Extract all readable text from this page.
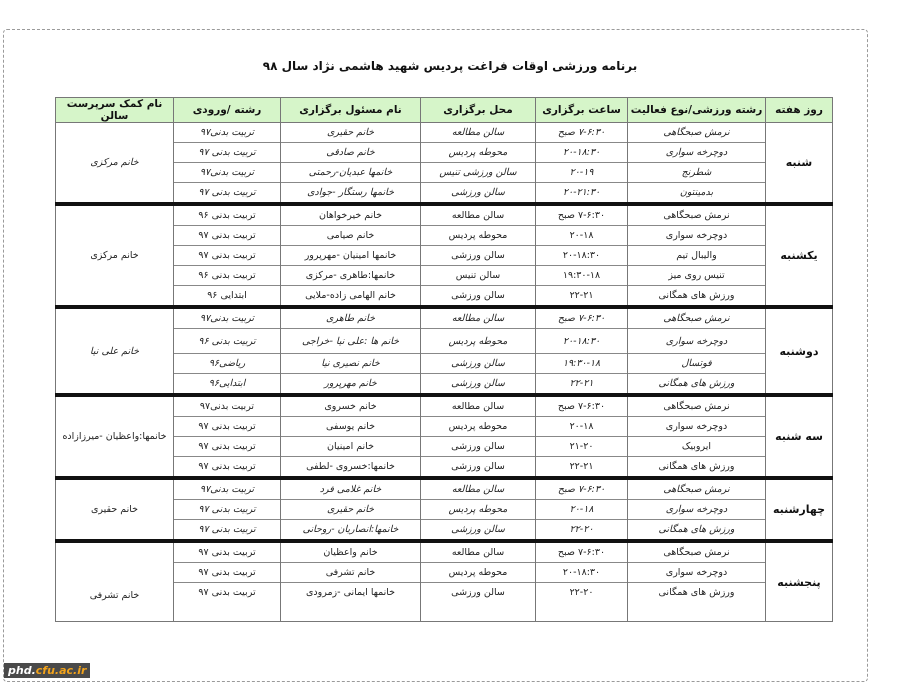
برنامه ورزشی اوقات فراغت پردیس شهید هاشمی نژاد سال ۹۸
روز هفته	رشته ورزشی/نوع فعالیت	ساعت برگزاری	محل برگزاری	نام مسئول برگزاری	رشته /ورودی	نام کمک سرپرست سالن
شنبه	نرمش صبحگاهی	۷-۶:۳۰ صبح	سالن مطالعه	خانم حقیری	تربیت بدنی۹۷	خانم مرکزی
	دوچرخه سواری	۲۰-۱۸:۳۰	محوطه پردیس	خانم صادقی	تربیت بدنی ۹۷	
	شطرنج	۲۰-۱۹	سالن ورزشی تنیس	خانمها عبدیان-رحمتی	تربیت بدنی۹۷	
	بدمینتون	۲۰-۲۱:۳۰	سالن ورزشی	خانمها رستگار -جوادی	تربیت بدنی ۹۷	
یکشنبه	نرمش صبحگاهی	۷-۶:۳۰ صبح	سالن مطالعه	خانم خیرخواهان	تربیت بدنی ۹۶	خانم مرکزی
	دوچرخه سواری	۲۰-۱۸	محوطه پردیس	خانم صیامی	تربیت بدنی ۹۷	
	والیبال تیم	۲۰-۱۸:۳۰	سالن ورزشی	خانمها امینیان -مهرپرور	تربیت بدنی ۹۷	
	تنیس روی میز	۱۹:۳۰-۱۸	سالن تنیس	خانمها:طاهری -مرکزی	تربیت بدنی ۹۶	
	ورزش های همگانی	۲۲-۲۱	سالن ورزشی	خانم الهامی زاده-ملایی	ابتدایی ۹۶	
دوشنبه	نرمش صبحگاهی	۷-۶:۳۰ صبح	سالن مطالعه	خانم طاهری	تربیت بدنی۹۷	خانم علی نیا
	دوچرخه سواری	۲۰-۱۸:۳۰	محوطه پردیس	خانم ها :علی نیا -خراجی	تربیت بدنی ۹۶	
	فوتسال	۱۹:۳۰-۱۸	سالن ورزشی	خانم نصیری نیا	ریاضی۹۶	
	ورزش های همگانی	۲۲-۲۱	سالن ورزشی	خانم مهرپرور	ابتدایی۹۶	
سه شنبه	نرمش صبحگاهی	۷-۶:۳۰ صبح	سالن مطالعه	خانم خسروی	تربیت بدنی۹۷	خانمها:واعظیان -میرزازاده
	دوچرخه سواری	۲۰-۱۸	محوطه پردیس	خانم یوسفی	تربیت بدنی ۹۷	
	ایروبیک	۲۱-۲۰	سالن ورزشی	خانم امینیان	تربیت بدنی ۹۷	
	ورزش های همگانی	۲۲-۲۱	سالن ورزشی	خانمها:خسروی -لطفی	تربیت بدنی ۹۷	
چهارشنبه	نرمش صبحگاهی	۷-۶:۳۰ صبح	سالن مطالعه	خانم غلامی فرد	تربیت بدنی۹۷	خانم حقیری
	دوچرخه سواری	۲۰-۱۸	محوطه پردیس	خانم حقیری	تربیت بدنی ۹۷	
	ورزش های همگانی	۲۲-۲۰	سالن ورزشی	خانمها:انصاریان -روحانی	تربیت بدنی ۹۷	
پنجشنبه	نرمش صبحگاهی	۷-۶:۳۰ صبح	سالن مطالعه	خانم واعظیان	تربیت بدنی ۹۷	خانم تشرفی
	دوچرخه سواری	۲۰-۱۸:۳۰	محوطه پردیس	خانم تشرفی	تربیت بدنی ۹۷	
	ورزش های همگانی	۲۲-۲۰	سالن ورزشی	خانمها ایمانی -زمرودی	تربیت بدنی ۹۷	

phd.cfu.ac.ir
